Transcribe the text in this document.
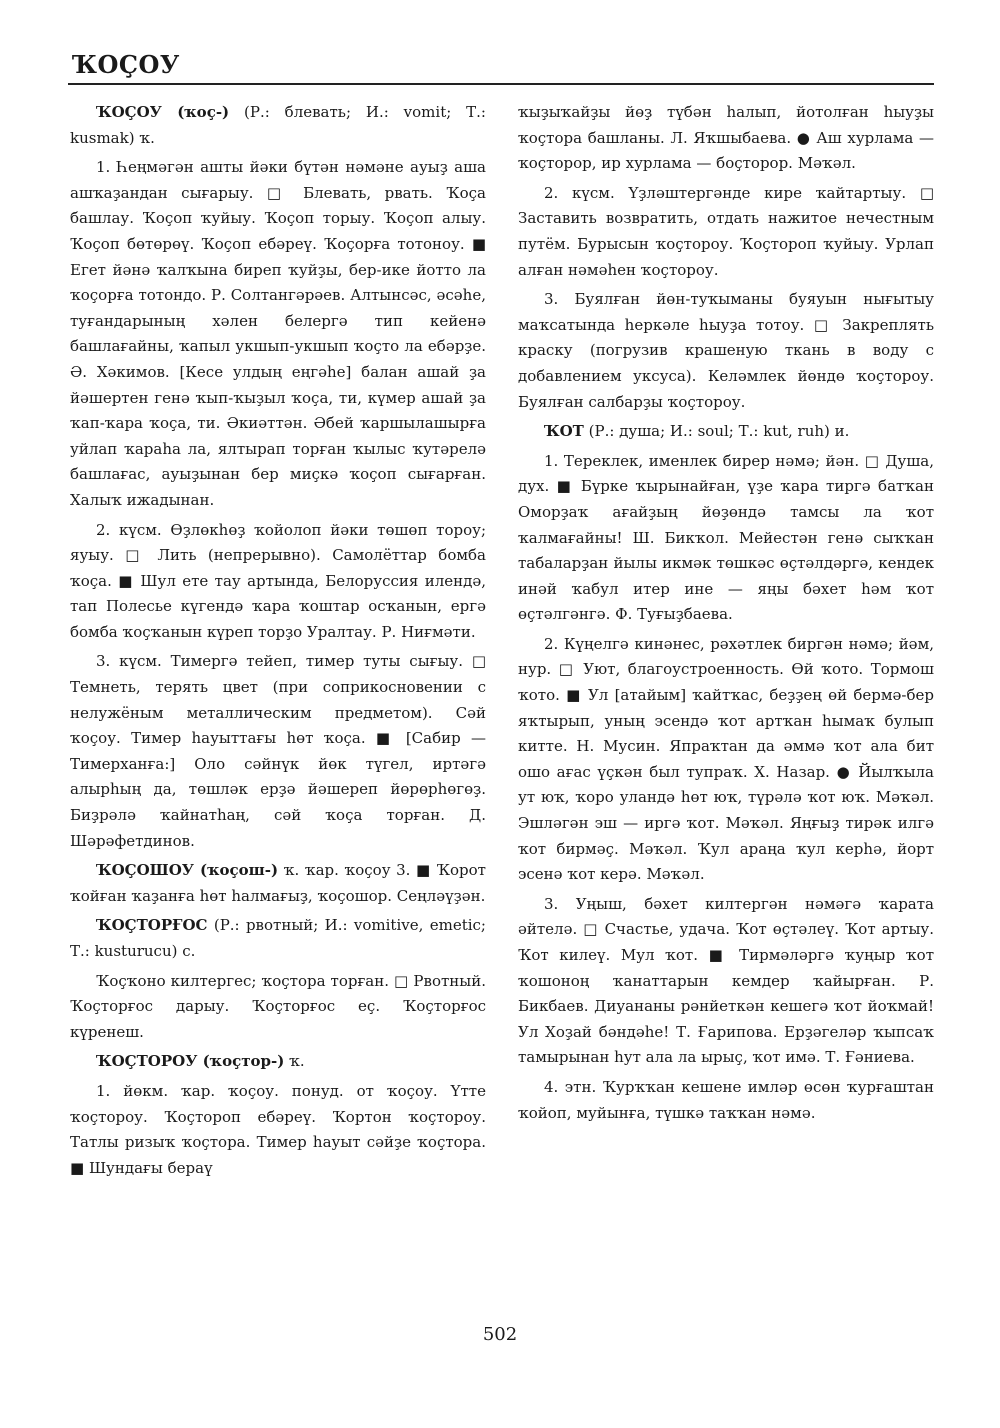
ҠОҪОУ

ҠОҪОУ (ҡоҫ-) (Р.: блевать; И.: vomit; Т.: kusmak) ҡ.

1. Һеңмәгән ашты йәки бүтән нәмәне ауыҙ аша ашҡаҙандан сығарыу. □ Блевать, рвать. Ҡоҫа башлау. Ҡоҫоп ҡуйыу. Ҡоҫоп торыу. Ҡоҫоп алыу. Ҡоҫоп бөтөрөү. Ҡоҫоп ебәреү. Ҡоҫорға тотоноу. ■ Егет йәнә ҡалҡына биреп ҡуйҙы, бер-ике йотто ла ҡоҫорға тотондо. Р. Солтангәрәев. Алтынсәс, әсәһе, туғандарының хәлен белергә тип кейенә башлағайны, ҡапыл укшып-укшып ҡоҫто ла ебәрҙе. Ә. Хәкимов. [Кесе улдың еңгәһе] балан ашай ҙа йәшертен генә ҡып-ҡыҙыл ҡоҫа, ти, күмер ашай ҙа ҡап-ҡара ҡоҫа, ти. Әкиәттән. Әбей ҡаршылашырға уйлап ҡараһа ла, ялтырап торған ҡылыс ҡутәрелә башлағас, ауыҙынан бер миҫкә ҡоҫоп сығарған. Халыҡ ижадынан.

2. күсм. Өҙлөкһөҙ ҡойолоп йәки төшөп тороу; яуыу. □ Лить (непрерывно). Самолёттар бомба ҡоҫа. ■ Шул ете тау артында, Белоруссия илендә, тап Полесье күгендә ҡара ҡоштар осҡанын, ергә бомба ҡоҫҡанын күреп торҙо Уралтау. Р. Ниғмәти.

3. күсм. Тимергә тейеп, тимер туты сығыу. □ Темнеть, терять цвет (при соприкосновении с нелужёным металлическим предметом). Сәй ҡоҫоу. Тимер һауыттағы һөт ҡоҫа. ■ [Сабир — Тимерханға:] Оло сәйнүк йөк түгел, иртәгә алырһың да, төшләк ерҙә йәшереп йөрөрһөгөҙ. Биҙрәлә ҡайнатһаң, сәй ҡоҫа торған. Д. Шәрәфетдинов.

ҠОҪОШОУ (ҡоҫош-) ҡ. ҡар. ҡоҫоу 3. ■ Ҡорот ҡойған ҡаҙанға һөт һалмағыҙ, ҡоҫошор. Сеңләүҙән.

ҠОҪТОРҒОС (Р.: рвотный; И.: vomitive, emetic; Т.: kusturucu) с.

Ҡоҫҡоно килтергес; ҡоҫтора торған. □ Рвотный. Ҡоҫторғос дарыу. Ҡоҫторғос еҫ. Ҡоҫторғос күренеш.

ҠОҪТОРОУ (ҡоҫтор-) ҡ.

1. йөкм. ҡар. ҡоҫоу. понуд. от ҡоҫоу. Үтте ҡоҫтороу. Ҡоҫтороп ебәреү. Ҡортон ҡоҫтороу. Татлы ризыҡ ҡоҫтора. Тимер һауыт сәйҙе ҡоҫтора. ■ Шундағы бераү

ҡыҙыҡайҙы йөҙ түбән һалып, йотолған һыуҙы ҡоҫтора башланы. Л. Яҡшыбаева. ● Аш хурлама — ҡоҫторор, ир хурлама — боҫторор. Мәҡәл.

2. күсм. Үҙләштергәнде кире ҡайтартыу. □ Заставить возвратить, отдать нажитое нечестным путём. Бурысын ҡоҫтороу. Ҡоҫтороп ҡуйыу. Урлап алған нәмәһен ҡоҫтороу.

3. Буялған йөн-туҡыманы буяуын нығытыу маҡсатында һеркәле һыуҙа тотоу. □ Закреплять краску (погрузив крашеную ткань в воду с добавлением уксуса). Келәмлек йөндө ҡоҫтороу. Буялған салбарҙы ҡоҫтороу.

ҠОТ (Р.: душа; И.: soul; Т.: kut, ruh) и.

1. Тереклек, именлек бирер нәмә; йән. □ Душа, дух. ■ Бүрке ҡырынайған, үҙе ҡара тиргә батҡан Оморҙаҡ ағайҙың йөҙөндә тамсы ла ҡот ҡалмағайны! Ш. Бикҡол. Мейестән генә сыҡҡан табаларҙан йылы икмәк төшкәс өҫтәлдәргә, кендек инәй ҡабул итер ине — яңы бәхет һәм ҡот өҫтәлгәнгә. Ф. Туғыҙбаева.

2. Күңелгә кинәнес, рәхәтлек биргән нәмә; йәм, нур. □ Уют, благоустроенность. Өй ҡото. Тормош ҡото. ■ Ул [атайым] ҡайтҡас, беҙҙең өй бермә-бер яҡтырып, уның эсендә ҡот артҡан һымаҡ булып китте. Н. Мусин. Япраҡтан да әммә ҡот ала бит ошо ағас үҫкән был тупраҡ. Х. Назар. ● Йылҡыла ут юҡ, ҡоро уландә һөт юҡ, түрәлә ҡот юҡ. Мәҡәл. Эшләгән эш — иргә ҡот. Мәҡәл. Яңғыҙ тирәк илгә ҡот бирмәҫ. Мәҡәл. Ҡул араңа ҡул керһә, йорт эсенә ҡот керә. Мәҡәл.

3. Уңыш, бәхет килтергән нәмәгә ҡарата әйтелә. □ Счастье, удача. Ҡот өҫтәлеү. Ҡот артыу. Ҡот килеү. Мул ҡот. ■ Тирмәләргә ҡуңыр ҡот ҡошоноң ҡанаттарын кемдер ҡайырған. Р. Бикбаев. Диуананы рәнйеткән кешегә ҡот йоҡмай! Ул Хоҙай бәндәһе! Т. Ғарипова. Ерҙәгеләр ҡыпсаҡ тамырынан һут ала ла ырыҫ, ҡот имә. Т. Ғәниева.

4. этн. Ҡурҡҡан кешене имләр өсөн ҡурғаштан ҡойоп, муйынға, түшкә таҡҡан нәмә.

502
